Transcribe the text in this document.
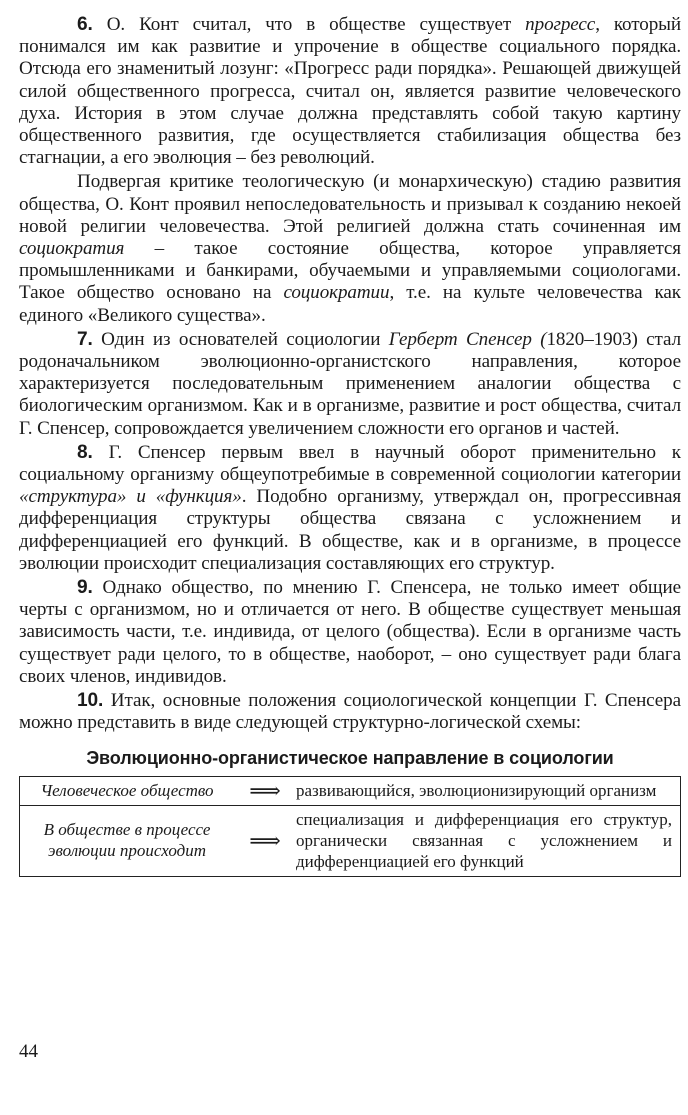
6. О. Конт считал, что в обществе существует прогресс, который понимался им как развитие и упрочение в обществе социального порядка. Отсюда его знаменитый лозунг: «Прогресс ради порядка». Решающей движущей силой общественного прогресса, считал он, является развитие человеческого духа. История в этом случае должна представлять собой такую картину общественного развития, где осуществляется стабилизация общества без стагнации, а его эволюция – без революций.

Подвергая критике теологическую (и монархическую) стадию развития общества, О. Конт проявил непоследовательность и призывал к созданию некоей новой религии человечества. Этой религией должна стать сочиненная им социократия – такое состояние общества, которое управляется промышленниками и банкирами, обучаемыми и управляемыми социологами. Такое общество основано на социократии, т.е. на культе человечества как единого «Великого существа».

7. Один из основателей социологии Герберт Спенсер (1820–1903) стал родоначальником эволюционно-органистского направления, которое характеризуется последовательным применением аналогии общества с биологическим организмом. Как и в организме, развитие и рост общества, считал Г. Спенсер, сопровождается увеличением сложности его органов и частей.

8. Г. Спенсер первым ввел в научный оборот применительно к социальному организму общеупотребимые в современной социологии категории «структура» и «функция». Подобно организму, утверждал он, прогрессивная дифференциация структуры общества связана с усложнением и дифференциацией его функций. В обществе, как и в организме, в процессе эволюции происходит специализация составляющих его структур.

9. Однако общество, по мнению Г. Спенсера, не только имеет общие черты с организмом, но и отличается от него. В обществе существует меньшая зависимость части, т.е. индивида, от целого (общества). Если в организме часть существует ради целого, то в обществе, наоборот, – оно существует ради блага своих членов, индивидов.

10. Итак, основные положения социологической концепции Г. Спенсера можно представить в виде следующей структурно-логической схемы:

Эволюционно-органистическое направление в социологии
Человеческое общество	⟹	развивающийся, эволюционизирующий организм
В обществе в процессе эволюции происходит	⟹	специализация и дифференциация его структур, органически связанная с усложнением и дифференциацией его функций
44
